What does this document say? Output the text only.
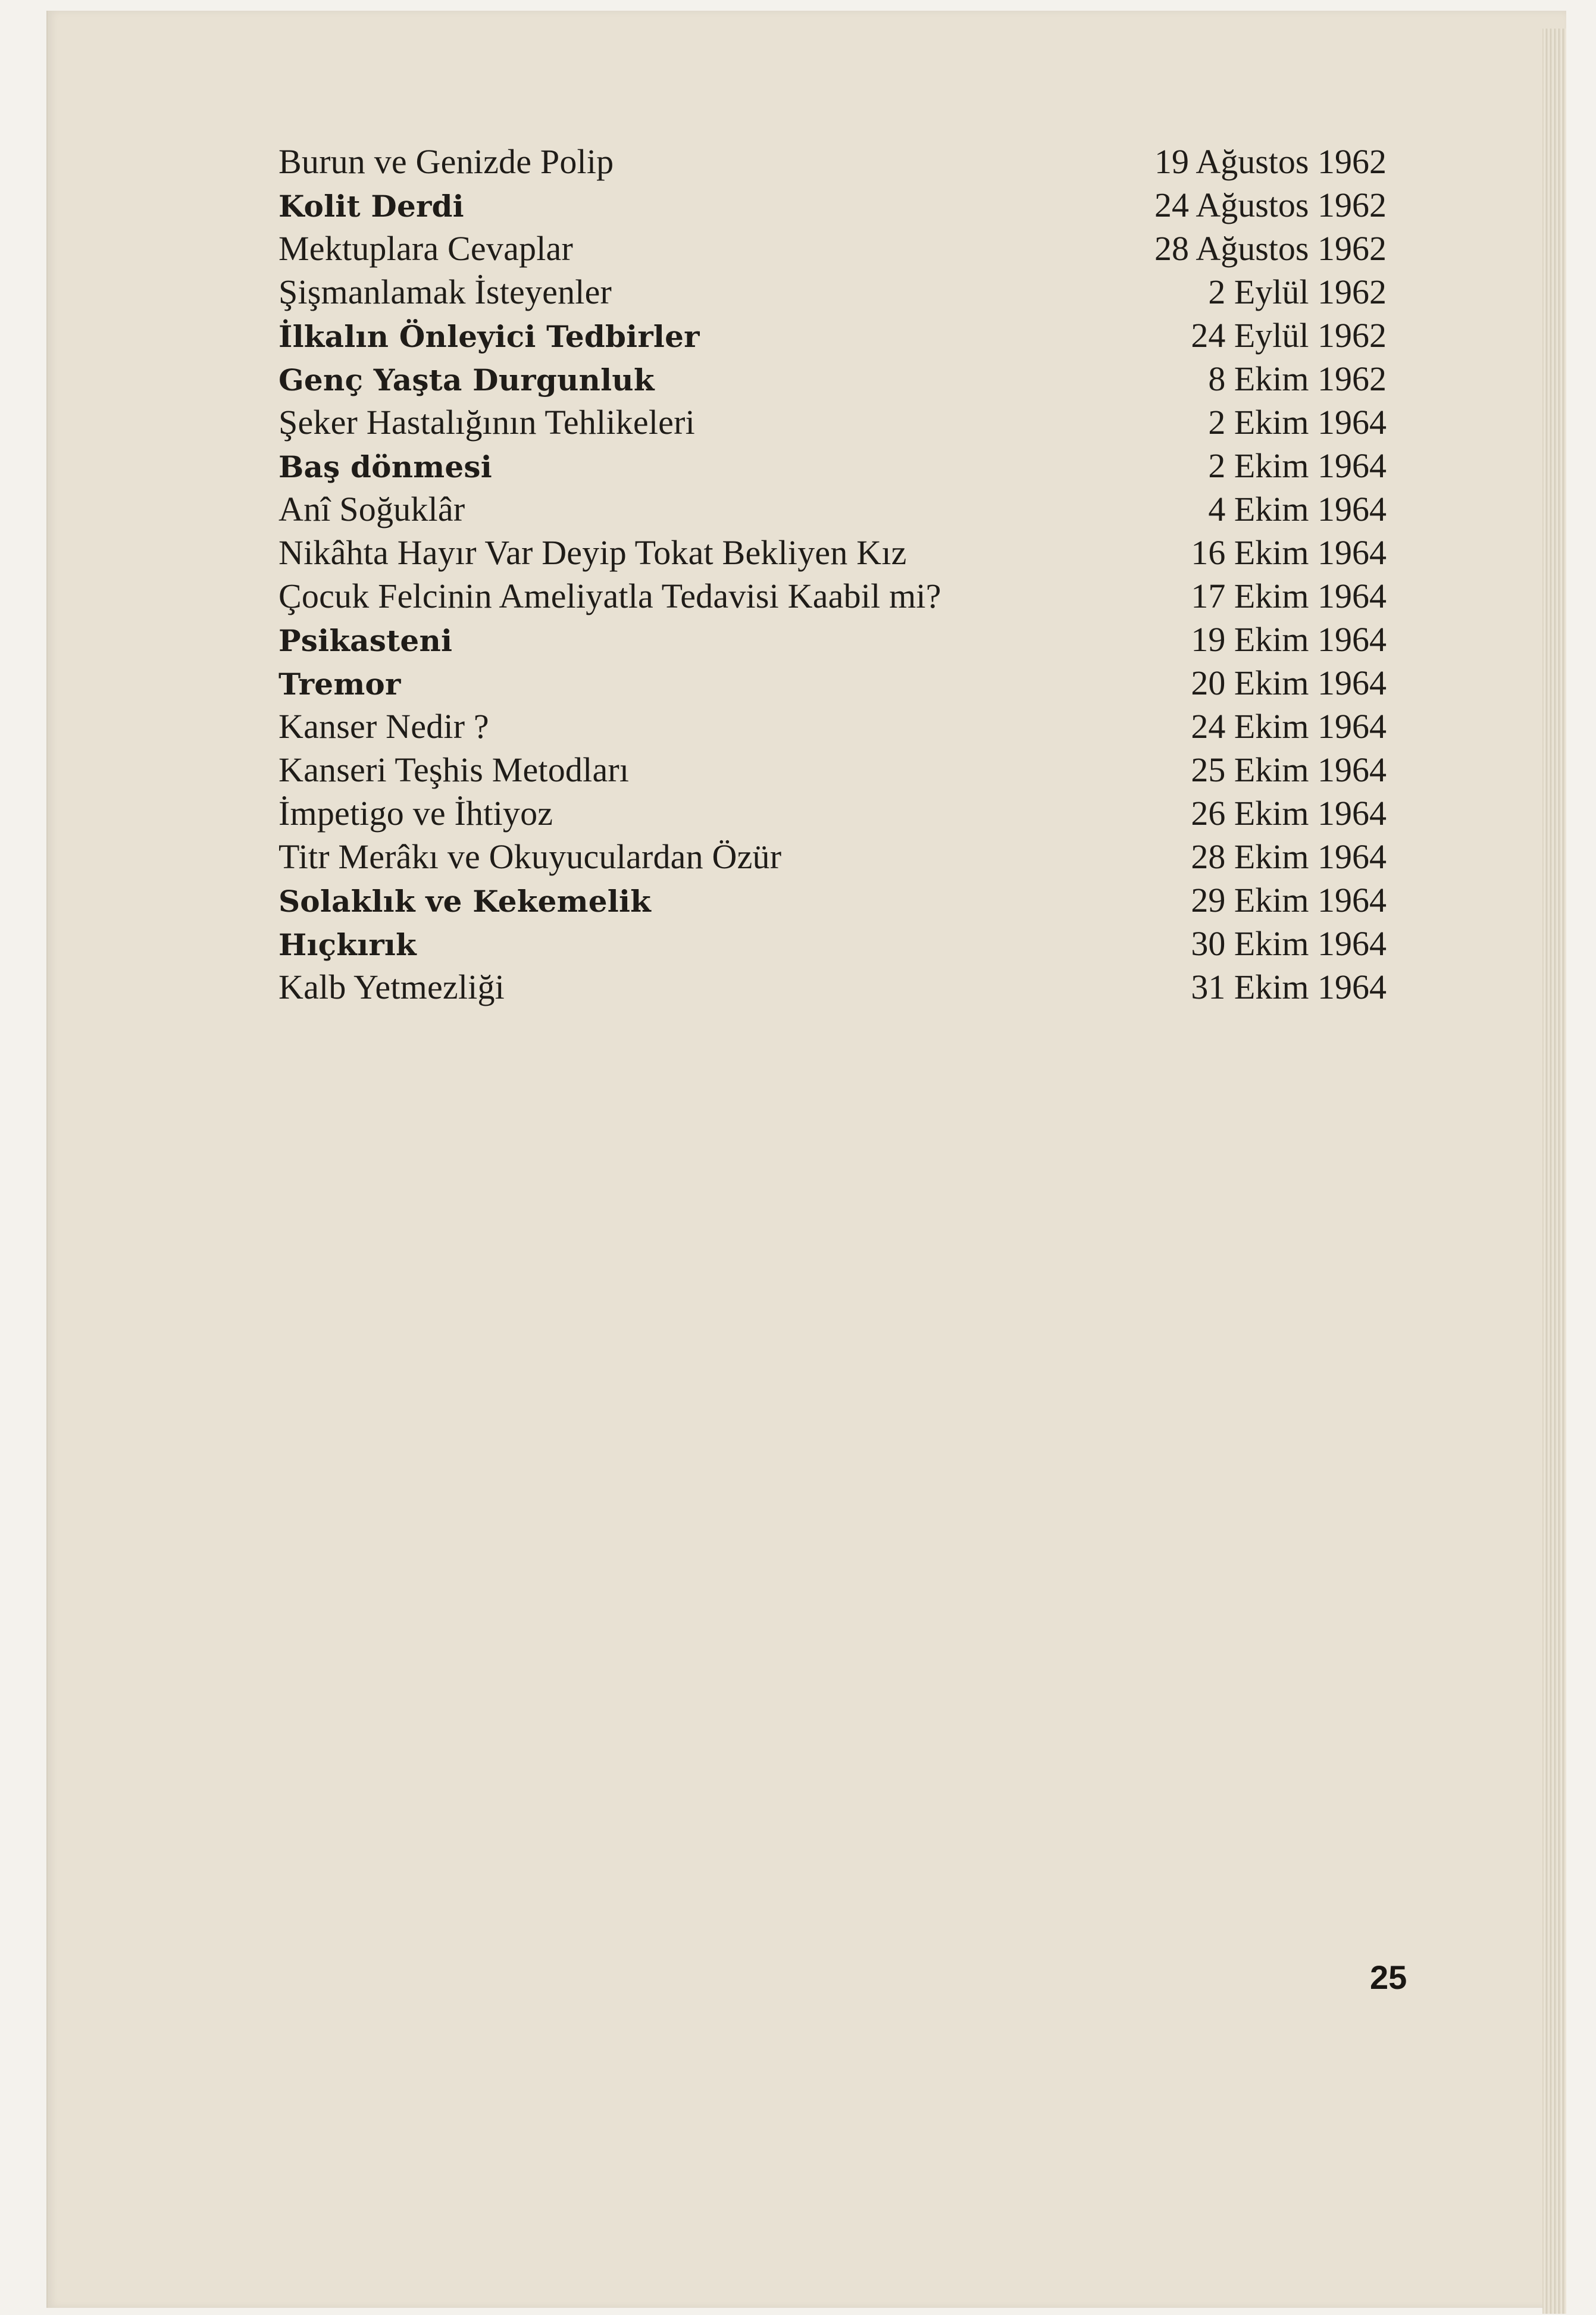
Burun ve Genizde Polip	19 Ağustos 1962
Kolit Derdi	24 Ağustos 1962
Mektuplara Cevaplar	28 Ağustos 1962
Şişmanlamak İsteyenler	2 Eylül 1962
İlkalın Önleyici Tedbirler	24 Eylül 1962
Genç Yaşta Durgunluk	8 Ekim 1962
Şeker Hastalığının Tehlikeleri	2 Ekim 1964
Baş dönmesi	2 Ekim 1964
Anî Soğuklâr	4 Ekim 1964
Nikâhta Hayır Var Deyip Tokat Bekliyen Kız	16 Ekim 1964
Çocuk Felcinin Ameliyatla Tedavisi Kaabil mi?	17 Ekim 1964
Psikasteni	19 Ekim 1964
Tremor	20 Ekim 1964
Kanser Nedir ?	24 Ekim 1964
Kanseri Teşhis Metodları	25 Ekim 1964
İmpetigo ve İhtiyoz	26 Ekim 1964
Titr Merâkı ve Okuyuculardan Özür	28 Ekim 1964
Solaklık ve Kekemelik	29 Ekim 1964
Hıçkırık	30 Ekim 1964
Kalb Yetmezliği	31 Ekim 1964
25
